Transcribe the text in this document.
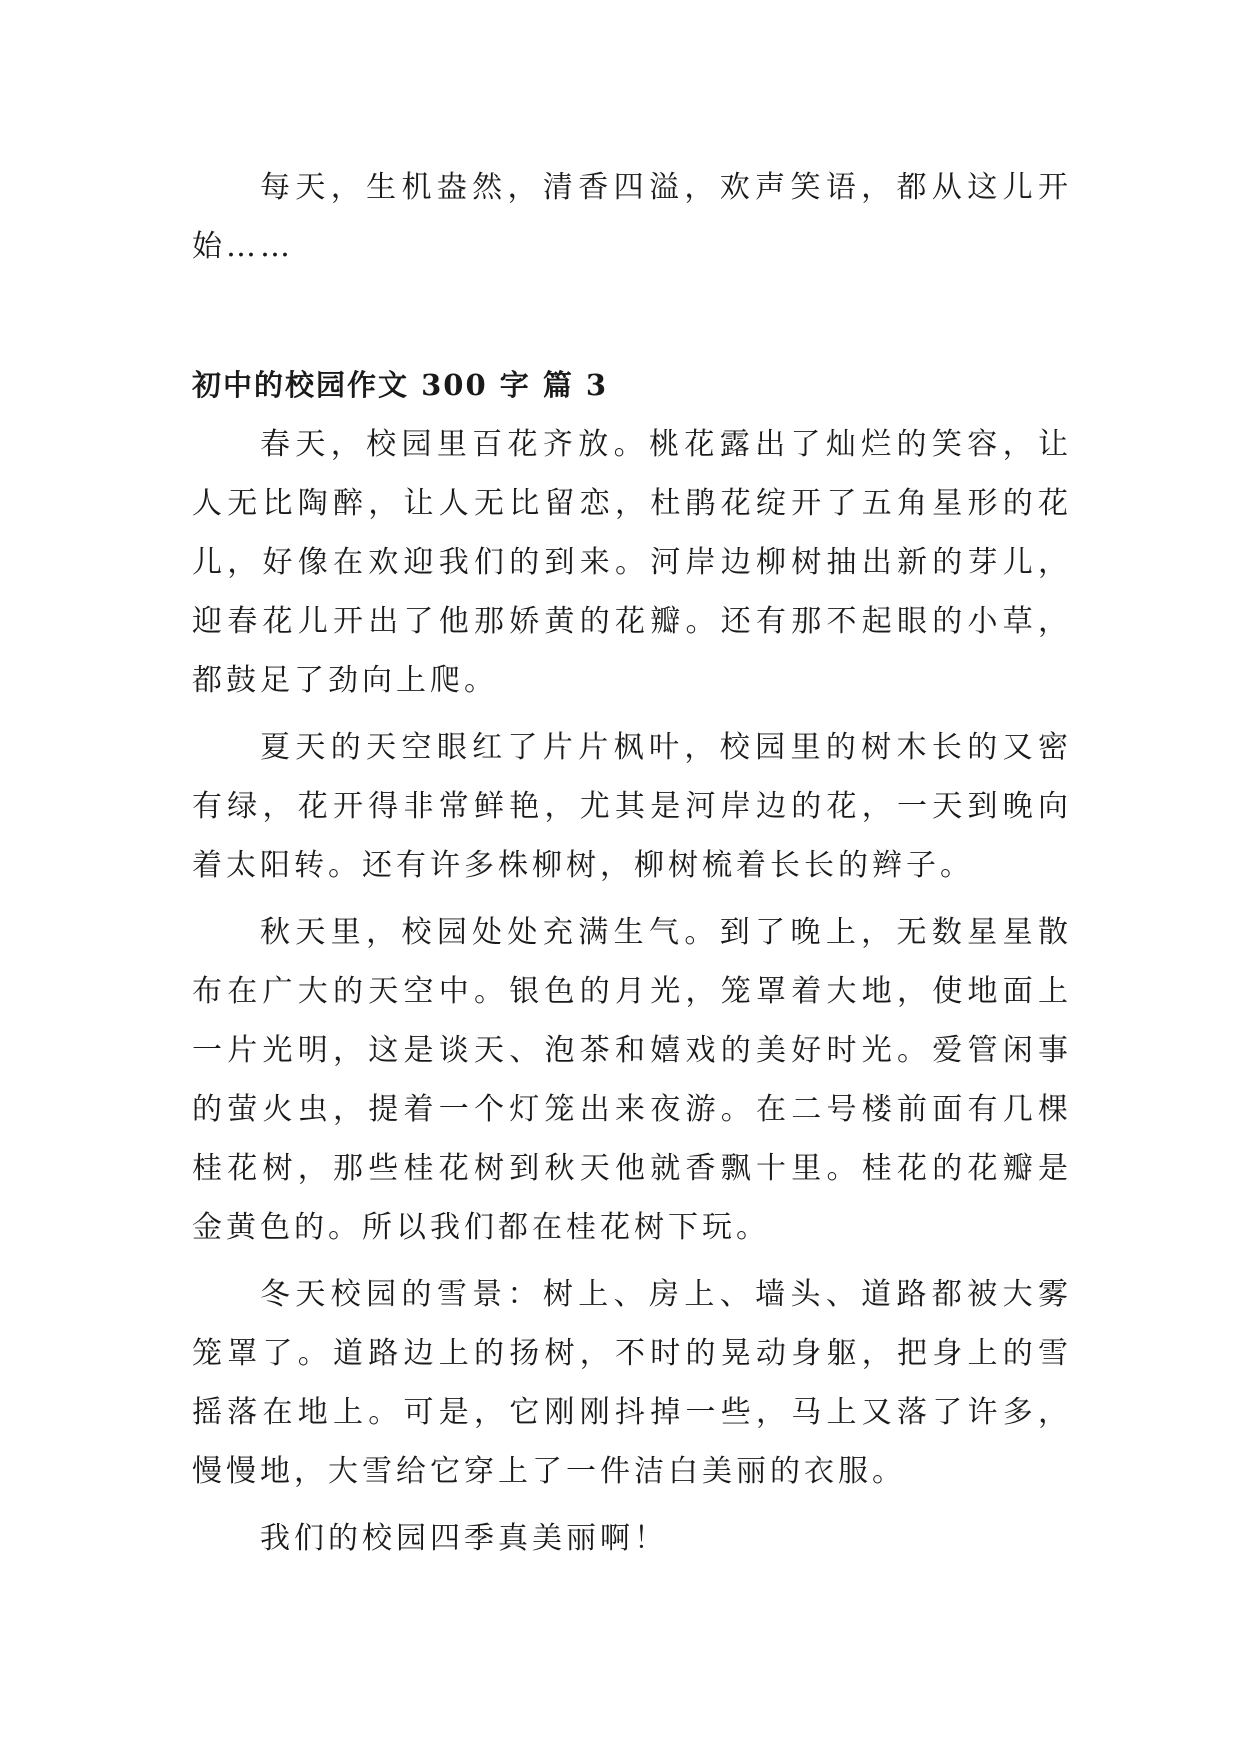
每天，生机盎然，清香四溢，欢声笑语，都从这儿开始……

初中的校园作文 300 字 篇 3

春天，校园里百花齐放。桃花露出了灿烂的笑容，让人无比陶醉，让人无比留恋，杜鹃花绽开了五角星形的花儿，好像在欢迎我们的到来。河岸边柳树抽出新的芽儿，迎春花儿开出了他那娇黄的花瓣。还有那不起眼的小草，都鼓足了劲向上爬。

夏天的天空眼红了片片枫叶，校园里的树木长的又密有绿，花开得非常鲜艳，尤其是河岸边的花，一天到晚向着太阳转。还有许多株柳树，柳树梳着长长的辫子。

秋天里，校园处处充满生气。到了晚上，无数星星散布在广大的天空中。银色的月光，笼罩着大地，使地面上一片光明，这是谈天、泡茶和嬉戏的美好时光。爱管闲事的萤火虫，提着一个灯笼出来夜游。在二号楼前面有几棵桂花树，那些桂花树到秋天他就香飘十里。桂花的花瓣是金黄色的。所以我们都在桂花树下玩。

冬天校园的雪景：树上、房上、墙头、道路都被大雾笼罩了。道路边上的扬树，不时的晃动身躯，把身上的雪摇落在地上。可是，它刚刚抖掉一些，马上又落了许多，慢慢地，大雪给它穿上了一件洁白美丽的衣服。

我们的校园四季真美丽啊！
